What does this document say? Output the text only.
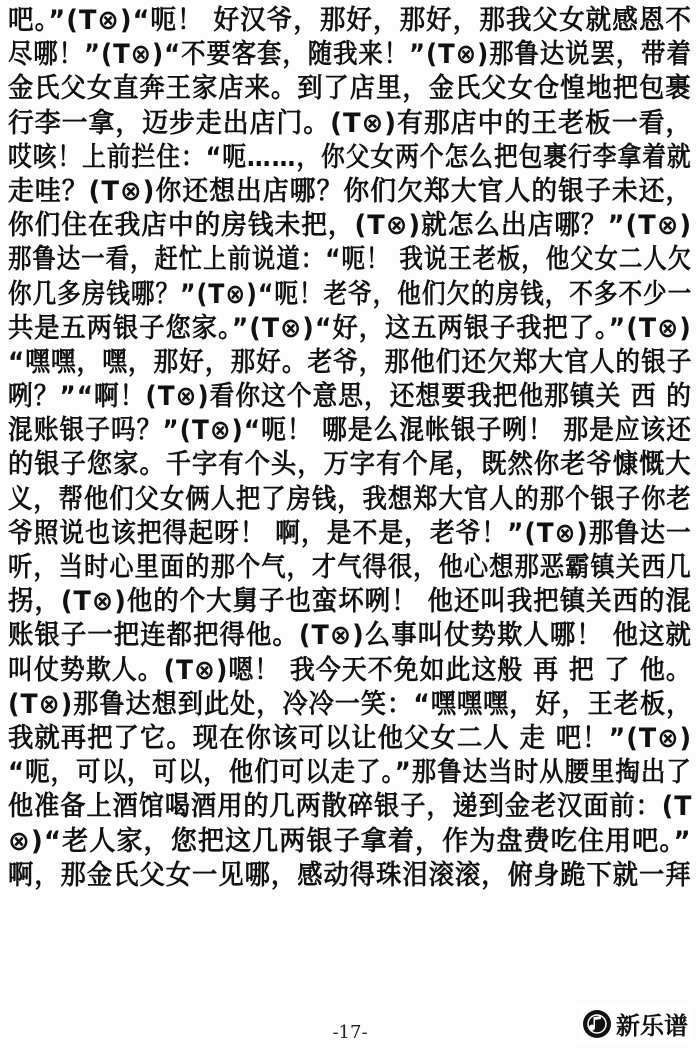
吧。”(T⊗)“呃！ 好汉爷，那好，那好，那我父女就感恩不
尽哪！”(T⊗)“不要客套，随我来！”(T⊗)那鲁达说罢，带着
金氏父女直奔王家店来。到了店里，金氏父女仓惶地把包裹
行李一拿，迈步走出店门。(T⊗)有那店中的王老板一看，
哎咳！上前拦住：“呃……，你父女两个怎么把包裹行李拿着就
走哇？(T⊗)你还想出店哪？你们欠郑大官人的银子未还，
你们住在我店中的房钱未把，(T⊗)就怎么出店哪？”(T⊗)
那鲁达一看，赶忙上前说道：“呃！ 我说王老板，他父女二人欠
你几多房钱哪？”(T⊗)“呃！老爷，他们欠的房钱，不多不少一
共是五两银子您家。”(T⊗)“好，这五两银子我把了。”(T⊗)
“嘿嘿，嘿，那好，那好。老爷，那他们还欠郑大官人的银子
咧？”“啊！(T⊗)看你这个意思，还想要我把他那镇关 西 的
混账银子吗？”(T⊗)“呃！ 哪是么混帐银子咧！ 那是应该还
的银子您家。千字有个头，万字有个尾，既然你老爷慷慨大
义，帮他们父女俩人把了房钱，我想郑大官人的那个银子你老
爷照说也该把得起呀！ 啊，是不是，老爷！”(T⊗)那鲁达一
听，当时心里面的那个气，才气得很，他心想那恶霸镇关西几
拐，(T⊗)他的个大舅子也蛮坏咧！ 他还叫我把镇关西的混
账银子一把连都把得他。(T⊗)么事叫仗势欺人哪！ 他这就
叫仗势欺人。(T⊗)嗯！ 我今天不免如此这般 再 把 了 他。
(T⊗)那鲁达想到此处，冷冷一笑：“嘿嘿嘿，好，王老板，
我就再把了它。现在你该可以让他父女二人 走 吧！”(T⊗)
“呃，可以，可以，他们可以走了。”那鲁达当时从腰里掏出了
他准备上酒馆喝酒用的几两散碎银子，递到金老汉面前：(T
⊗)“老人家，您把这几两银子拿着，作为盘费吃住用吧。”
啊，那金氏父女一见哪，感动得珠泪滚滚，俯身跪下就一拜
-17-	新乐谱
